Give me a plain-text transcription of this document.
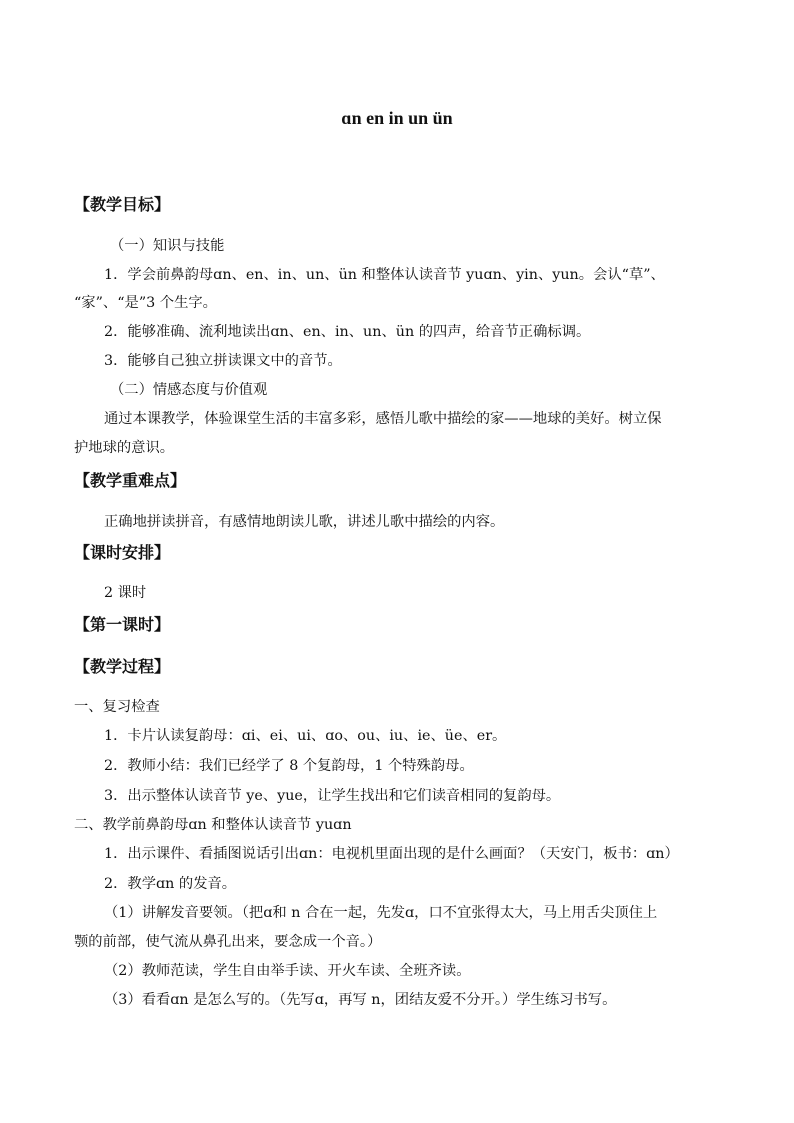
ɑn en in un ün
【教学目标】
（一）知识与技能
1．学会前鼻韵母ɑn、en、in、un、ün 和整体认读音节 yuɑn、yin、yun。会认“草”、
“家”、“是”3 个生字。
2．能够准确、流利地读出ɑn、en、in、un、ün 的四声，给音节正确标调。
3．能够自己独立拼读课文中的音节。
（二）情感态度与价值观
通过本课教学，体验课堂生活的丰富多彩，感悟儿歌中描绘的家——地球的美好。树立保
护地球的意识。
【教学重难点】
正确地拼读拼音，有感情地朗读儿歌，讲述儿歌中描绘的内容。
【课时安排】
2 课时
【第一课时】
【教学过程】
一、复习检查
1．卡片认读复韵母：ɑi、ei、ui、ɑo、ou、iu、ie、üe、er。
2．教师小结：我们已经学了 8 个复韵母，1 个特殊韵母。
3．出示整体认读音节 ye、yue，让学生找出和它们读音相同的复韵母。
二、教学前鼻韵母ɑn 和整体认读音节 yuɑn
1．出示课件、看插图说话引出ɑn：电视机里面出现的是什么画面？（天安门，板书：ɑn）
2．教学ɑn 的发音。
（1）讲解发音要领。（把ɑ和 n 合在一起，先发ɑ，口不宜张得太大，马上用舌尖顶住上
颚的前部，使气流从鼻孔出来，要念成一个音。）
（2）教师范读，学生自由举手读、开火车读、全班齐读。
（3）看看ɑn 是怎么写的。（先写ɑ，再写 n，团结友爱不分开。）学生练习书写。
